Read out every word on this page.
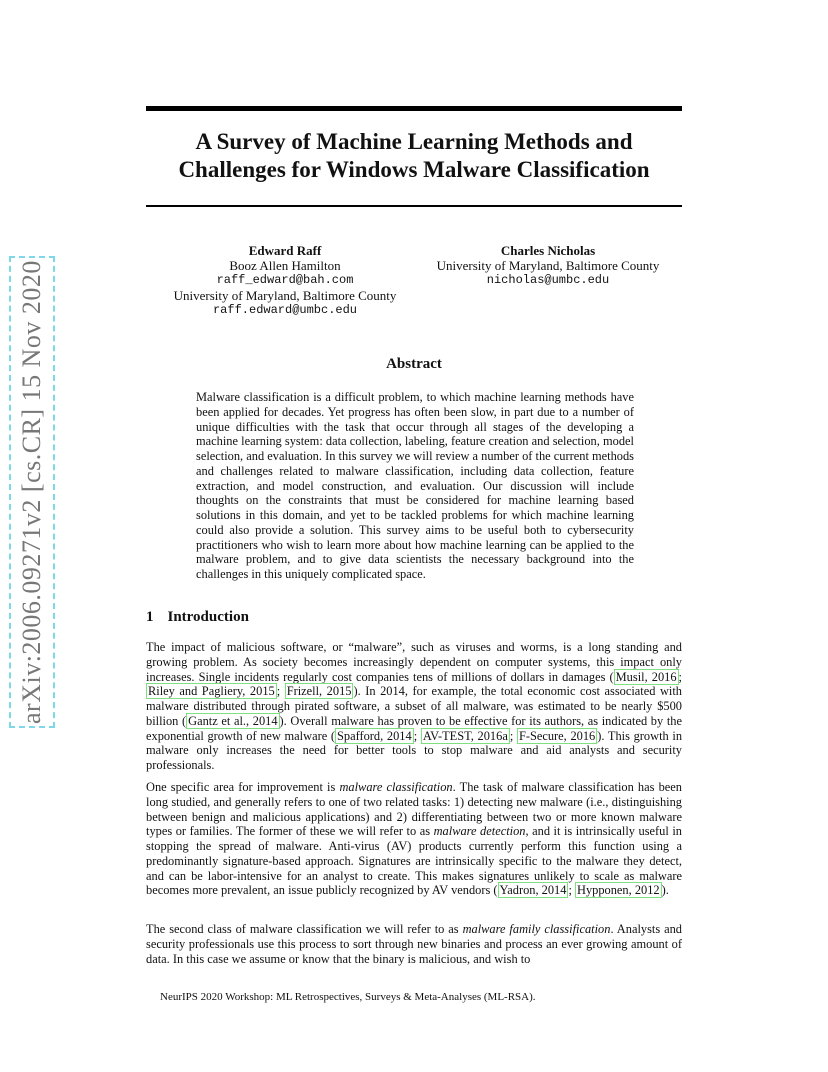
arXiv:2006.09271v2 [cs.CR] 15 Nov 2020
A Survey of Machine Learning Methods and
Challenges for Windows Malware Classification
Edward Raff
Booz Allen Hamilton
raff_edward@bah.com
University of Maryland, Baltimore County
raff.edward@umbc.edu
Charles Nicholas
University of Maryland, Baltimore County
nicholas@umbc.edu
Abstract

Malware classification is a difficult problem, to which machine learning methods have been applied for decades. Yet progress has often been slow, in part due to a number of unique difficulties with the task that occur through all stages of the developing a machine learning system: data collection, labeling, feature creation and selection, model selection, and evaluation. In this survey we will review a number of the current methods and challenges related to malware classification, including data collection, feature extraction, and model construction, and evaluation. Our discussion will include thoughts on the constraints that must be considered for machine learning based solutions in this domain, and yet to be tackled problems for which machine learning could also provide a solution. This survey aims to be useful both to cybersecurity practitioners who wish to learn more about how machine learning can be applied to the malware problem, and to give data scientists the necessary background into the challenges in this uniquely complicated space.

1 Introduction

The impact of malicious software, or “malware”, such as viruses and worms, is a long standing and growing problem. As society becomes increasingly dependent on computer systems, this impact only increases. Single incidents regularly cost companies tens of millions of dollars in damages ( Musil, 2016 ; Riley and Pagliery, 2015 ; Frizell, 2015 ). In 2014, for example, the total economic cost associated with malware distributed through pirated software, a subset of all malware, was estimated to be nearly $500 billion ( Gantz et al., 2014 ). Overall malware has proven to be effective for its authors, as indicated by the exponential growth of new malware ( Spafford, 2014 ; AV-TEST, 2016a ; F-Secure, 2016 ). This growth in malware only increases the need for better tools to stop malware and aid analysts and security professionals.

One specific area for improvement is malware classification. The task of malware classification has been long studied, and generally refers to one of two related tasks: 1) detecting new malware (i.e., distinguishing between benign and malicious applications) and 2) differentiating between two or more known malware types or families. The former of these we will refer to as malware detection, and it is intrinsically useful in stopping the spread of malware. Anti-virus (AV) products currently perform this function using a predominantly signature-based approach. Signatures are intrinsically specific to the malware they detect, and can be labor-intensive for an analyst to create. This makes signatures unlikely to scale as malware becomes more prevalent, an issue publicly recognized by AV vendors ( Yadron, 2014 ; Hypponen, 2012 ).

The second class of malware classification we will refer to as malware family classification. Analysts and security professionals use this process to sort through new binaries and process an ever growing amount of data. In this case we assume or know that the binary is malicious, and wish to

NeurIPS 2020 Workshop: ML Retrospectives, Surveys & Meta-Analyses (ML-RSA).
